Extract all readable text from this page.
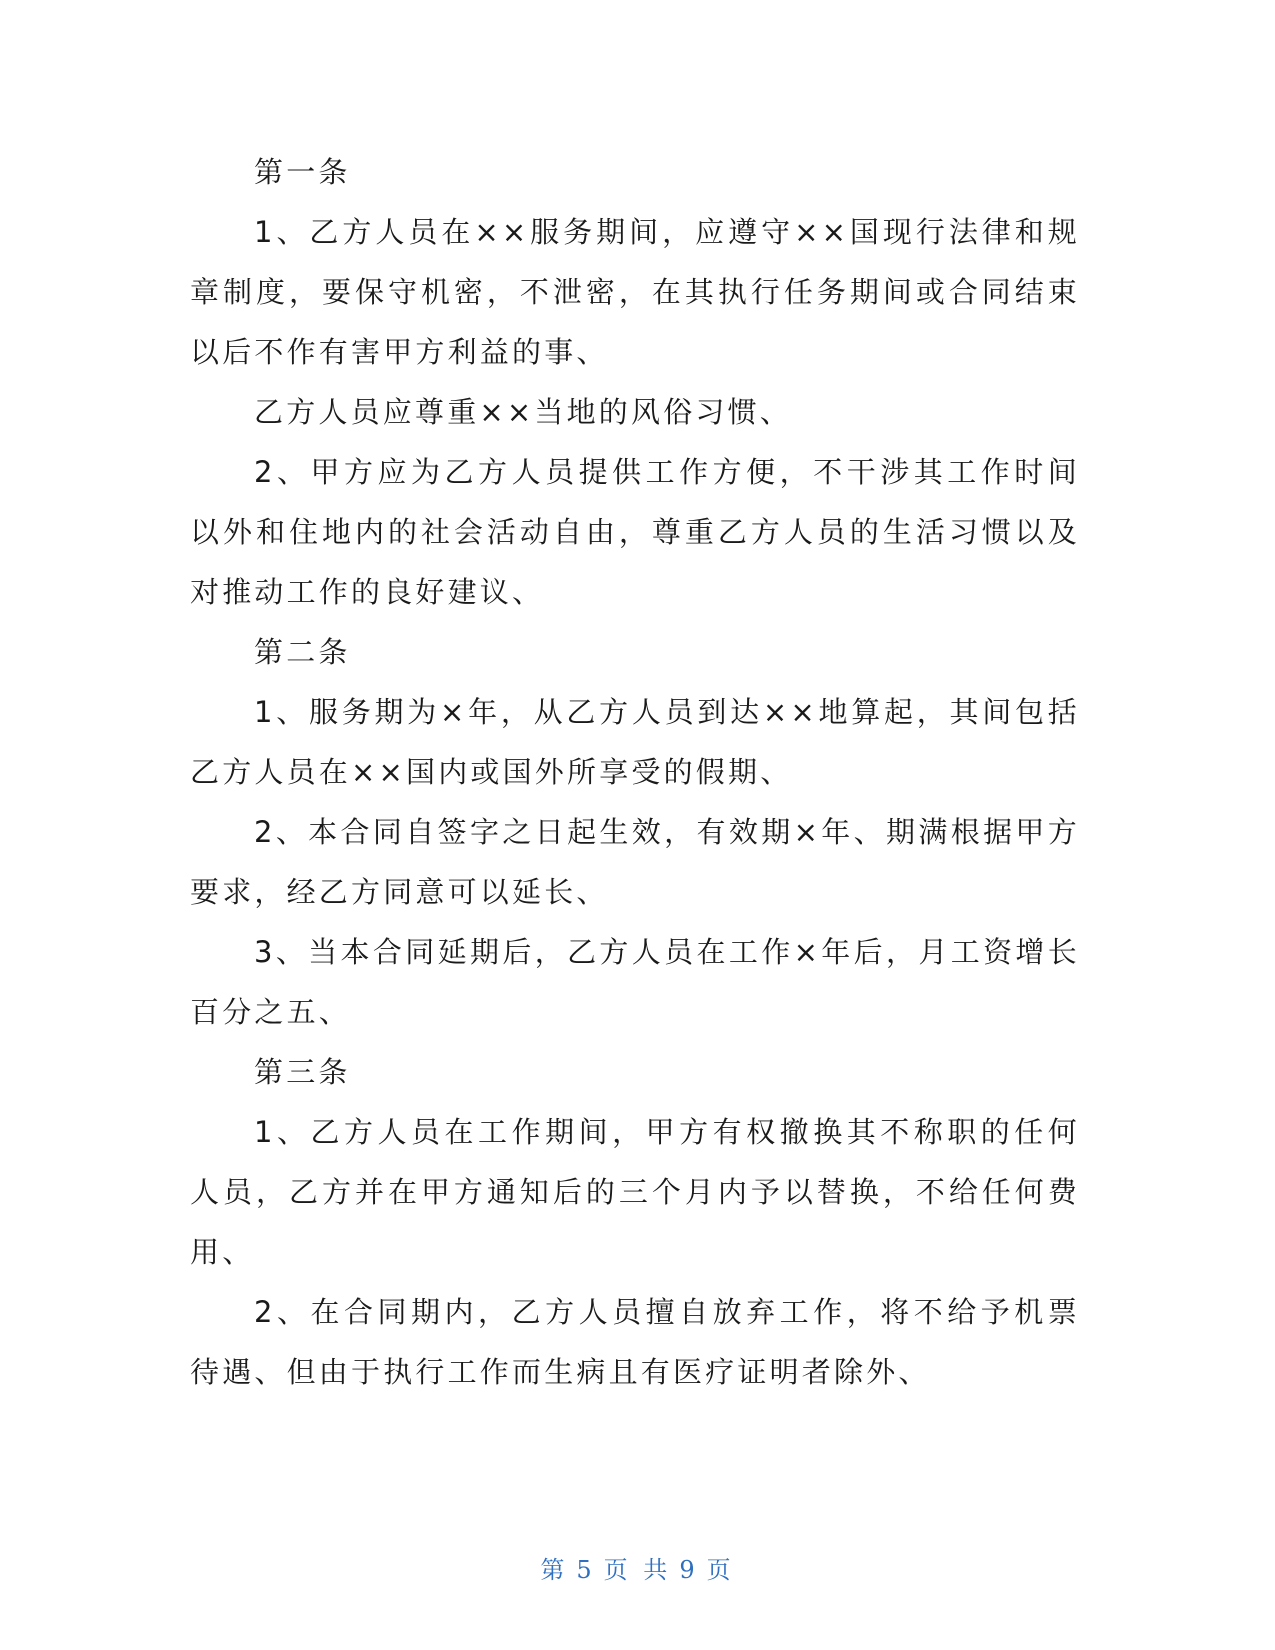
第一条

1、乙方人员在××服务期间，应遵守××国现行法律和规章制度，要保守机密，不泄密，在其执行任务期间或合同结束以后不作有害甲方利益的事、

乙方人员应尊重××当地的风俗习惯、

2、甲方应为乙方人员提供工作方便，不干涉其工作时间以外和住地内的社会活动自由，尊重乙方人员的生活习惯以及对推动工作的良好建议、

第二条

1、服务期为×年，从乙方人员到达××地算起，其间包括乙方人员在××国内或国外所享受的假期、

2、本合同自签字之日起生效，有效期×年、期满根据甲方要求，经乙方同意可以延长、

3、当本合同延期后，乙方人员在工作×年后，月工资增长百分之五、

第三条

1、乙方人员在工作期间，甲方有权撤换其不称职的任何人员，乙方并在甲方通知后的三个月内予以替换，不给任何费用、

2、在合同期内，乙方人员擅自放弃工作，将不给予机票待遇、但由于执行工作而生病且有医疗证明者除外、

第 5 页 共 9 页
